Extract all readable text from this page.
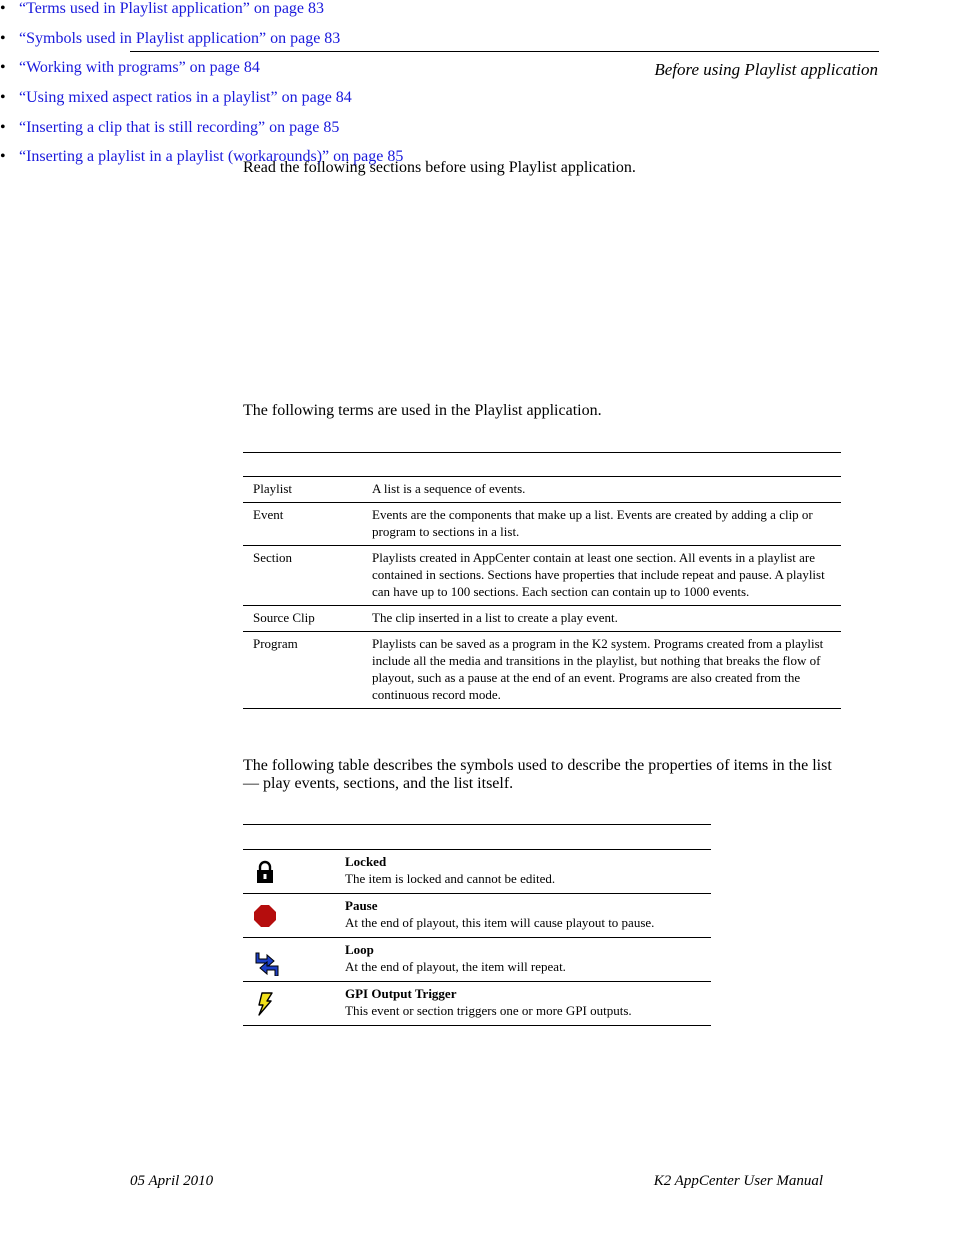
Before using Playlist application
Read the following sections before using Playlist application.
• “Terms used in Playlist application” on page 83
• “Symbols used in Playlist application” on page 83
• “Working with programs” on page 84
• “Using mixed aspect ratios in a playlist” on page 84
• “Inserting a clip that is still recording” on page 85
• “Inserting a playlist in a playlist (workarounds)” on page 85
The following terms are used in the Playlist application.
Playlist	A list is a sequence of events.
Event	Events are the components that make up a list. Events are created by adding a clip or program to sections in a list.
Section	Playlists created in AppCenter contain at least one section. All events in a playlist are contained in sections. Sections have properties that include repeat and pause. A playlist can have up to 100 sections. Each section can contain up to 1000 events.
Source Clip	The clip inserted in a list to create a play event.
Program	Playlists can be saved as a program in the K2 system. Programs created from a playlist include all the media and transitions in the playlist, but nothing that breaks the flow of playout, such as a pause at the end of an event. Programs are also created from the continuous record mode.
The following table describes the symbols used to describe the properties of items in the list— play events, sections, and the list itself.

Locked
The item is locked and cannot be edited.

Pause
At the end of playout, this item will cause playout to pause.

Loop
At the end of playout, the item will repeat.

GPI Output Trigger
This event or section triggers one or more GPI outputs.
05 April 2010	K2 AppCenter User Manual
